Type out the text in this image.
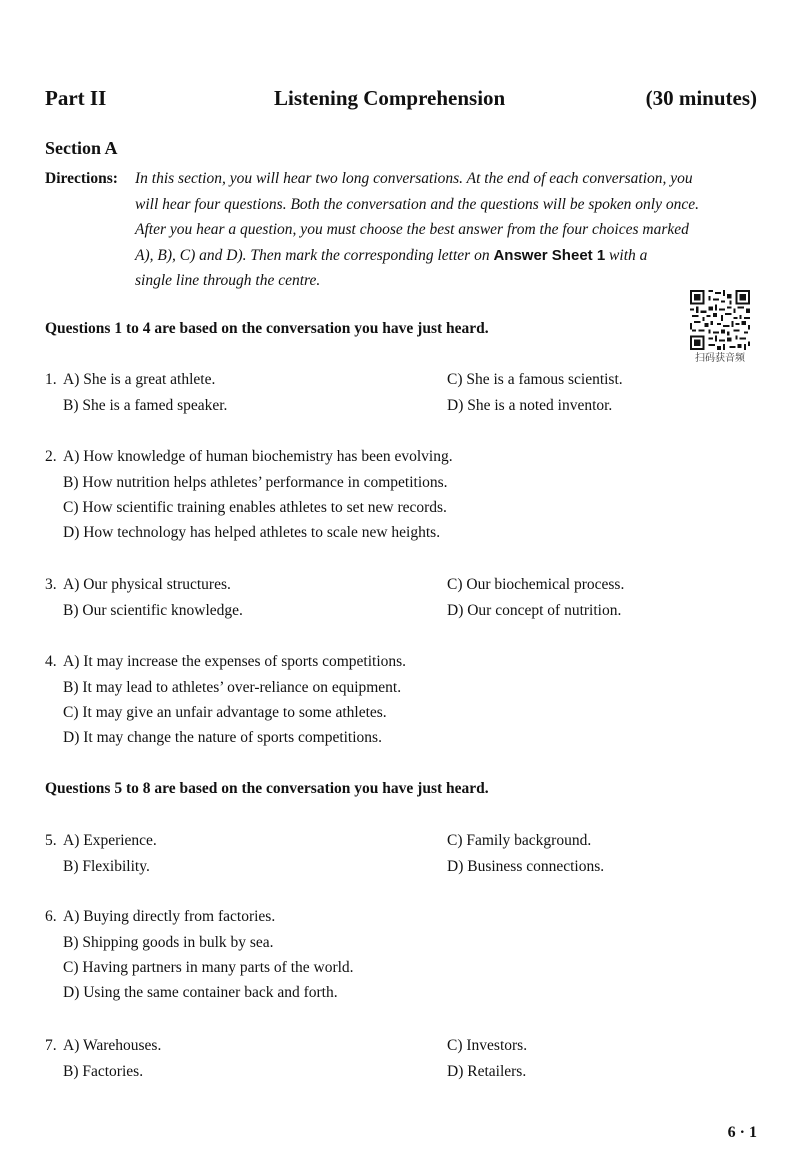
Part II	Listening Comprehension	(30 minutes)
Section A
Directions: In this section, you will hear two long conversations. At the end of each conversation, you
will hear four questions. Both the conversation and the questions will be spoken only once.
After you hear a question, you must choose the best answer from the four choices marked
A), B), C) and D). Then mark the corresponding letter on Answer Sheet 1 with a
single line through the centre.
Questions 1 to 4 are based on the conversation you have just heard.
扫码获音频
1. A) She is a great athlete.	C) She is a famous scientist.
B) She is a famed speaker.	D) She is a noted inventor.
2. A) How knowledge of human biochemistry has been evolving.
B) How nutrition helps athletes’ performance in competitions.
C) How scientific training enables athletes to set new records.
D) How technology has helped athletes to scale new heights.
3. A) Our physical structures.	C) Our biochemical process.
B) Our scientific knowledge.	D) Our concept of nutrition.
4. A) It may increase the expenses of sports competitions.
B) It may lead to athletes’ over-reliance on equipment.
C) It may give an unfair advantage to some athletes.
D) It may change the nature of sports competitions.
Questions 5 to 8 are based on the conversation you have just heard.
5. A) Experience.	C) Family background.
B) Flexibility.	D) Business connections.
6. A) Buying directly from factories.
B) Shipping goods in bulk by sea.
C) Having partners in many parts of the world.
D) Using the same container back and forth.
7. A) Warehouses.	C) Investors.
B) Factories.	D) Retailers.
6 · 1
